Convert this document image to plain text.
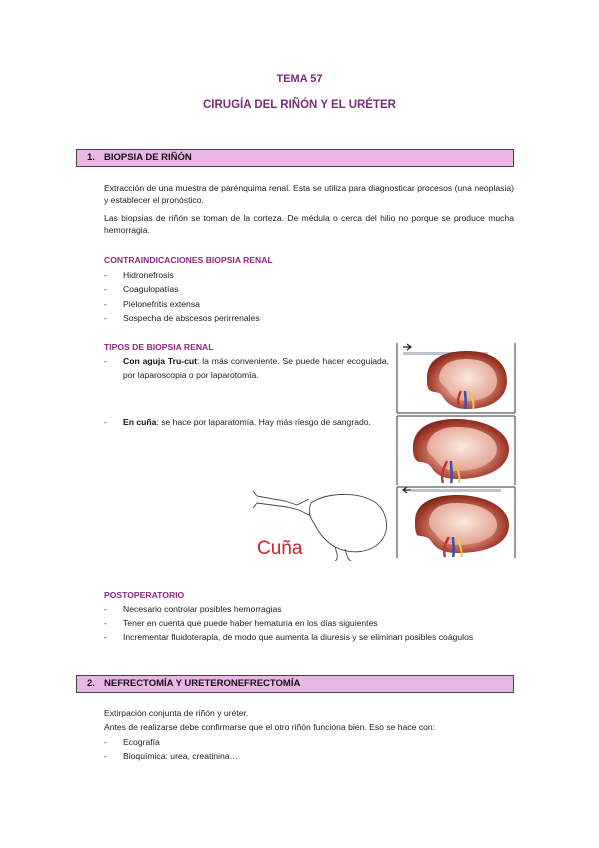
TEMA 57
CIRUGÍA DEL RIÑÓN Y EL URÉTER
1. BIOPSIA DE RIÑÓN
Extracción de una muestra de parénquima renal. Esta se utiliza para diagnosticar procesos (una neoplasia) y establecer el pronóstico.
Las biopsias de riñón se toman de la corteza. De médula o cerca del hilio no porque se produce mucha hemorragia.
CONTRAINDICACIONES BIOPSIA RENAL
- Hidronefrosis
- Coagulopatías
- Pielonefritis extensa
- Sospecha de abscesos perirrenales
TIPOS DE BIOPSIA RENAL
- Con aguja Tru-cut: la más conveniente. Se puede hacer ecoguiada, por laparoscopia o por laparotomía.
- En cuña: se hace por laparatomía. Hay más riesgo de sangrado.
Cuña
POSTOPERATORIO
- Necesario controlar posibles hemorragias
- Tener en cuenta que puede haber hematuria en los días siguientes
- Incrementar fluidoterapia, de modo que aumenta la diuresis y se eliminan posibles coágulos
2. NEFRECTOMÍA Y URETERONEFRECTOMÍA
Extirpación conjunta de riñón y uréter.
Antes de realizarse debe confirmarse que el otro riñón funciona bien. Eso se hace con:
- Ecografía
- Bioquímica: urea, creatinina…
